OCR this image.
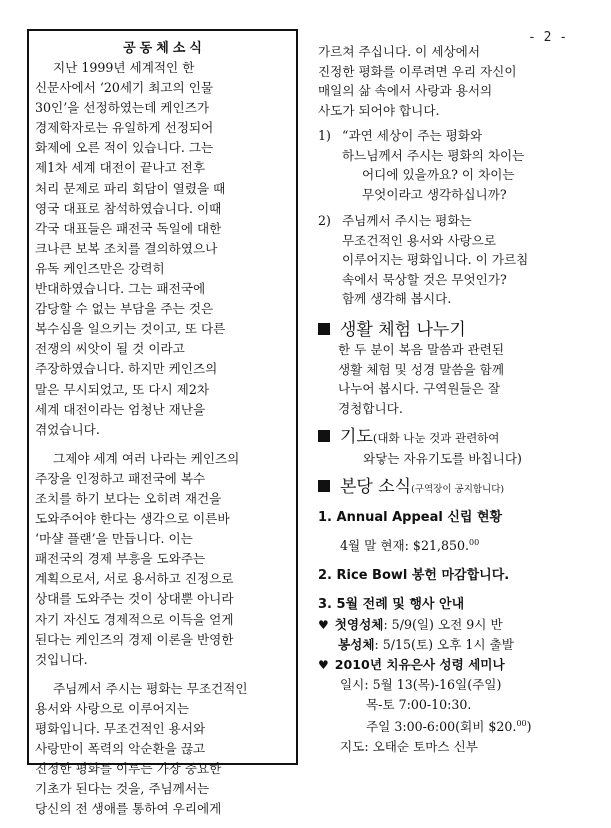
공동체소식
- 2 -

지난 1999년 세계적인 한
신문사에서 ‘20세기 최고의 인물
30인’을 선정하였는데 케인즈가
경제학자로는 유일하게 선정되어
화제에 오른 적이 있습니다. 그는
제1차 세계 대전이 끝나고 전후
처리 문제로 파리 회담이 열렸을 때
영국 대표로 참석하였습니다. 이때
각국 대표들은 패전국 독일에 대한
크나큰 보복 조치를 결의하였으나
유독 케인즈만은 강력히
반대하였습니다. 그는 패전국에
감당할 수 없는 부담을 주는 것은
복수심을 일으키는 것이고, 또 다른
전쟁의 씨앗이 될 것 이라고
주장하였습니다. 하지만 케인즈의
말은 무시되었고, 또 다시 제2차
세계 대전이라는 엄청난 재난을
겪었습니다.

그제야 세계 여러 나라는 케인즈의
주장을 인정하고 패전국에 복수
조치를 하기 보다는 오히려 재건을
도와주어야 한다는 생각으로 이른바
‘마샬 플랜’을 만듭니다. 이는
패전국의 경제 부흥을 도와주는
계획으로서, 서로 용서하고 진정으로
상대를 도와주는 것이 상대뿐 아니라
자기 자신도 경제적으로 이득을 얻게
된다는 케인즈의 경제 이론을 반영한
것입니다.

주님께서 주시는 평화는 무조건적인
용서와 사랑으로 이루어지는
평화입니다. 무조건적인 용서와
사랑만이 폭력의 악순환을 끊고
진정한 평화를 이루는 가장 중요한
기초가 된다는 것을, 주님께서는
당신의 전 생애를 통하여 우리에게

가르쳐 주십니다. 이 세상에서
진정한 평화를 이루려면 우리 자신이
매일의 삶 속에서 사랑과 용서의
사도가 되어야 합니다.
1) “과연 세상이 주는 평화와
하느님께서 주시는 평화의 차이는
어디에 있을까요? 이 차이는
무엇이라고 생각하십니까?
2) 주님께서 주시는 평화는
무조건적인 용서와 사랑으로
이루어지는 평화입니다. 이 가르침
속에서 묵상할 것은 무엇인가?
함께 생각해 봅시다.
생활 체험 나누기
한 두 분이 복음 말씀과 관련된
생활 체험 및 성경 말씀을 함께
나누어 봅시다. 구역원들은 잘
경청합니다.
기도 (대화 나눈 것과 관련하여
와닿는 자유기도를 바칩니다)
본당 소식 (구역장이 공지합니다)
1. Annual Appeal 신립 현황
4월 말 현재: $21,850.00
2. Rice Bowl 봉헌 마감합니다.
3. 5월 전례 및 행사 안내
♥ 첫영성체: 5/9(일) 오전 9시 반
봉성체: 5/15(토) 오후 1시 출발
♥ 2010년 치유은사 성령 세미나
일시: 5월 13(목)-16일(주일)
목-토 7:00-10:30.
주일 3:00-6:00(회비 $20.00)
지도: 오태순 토마스 신부
